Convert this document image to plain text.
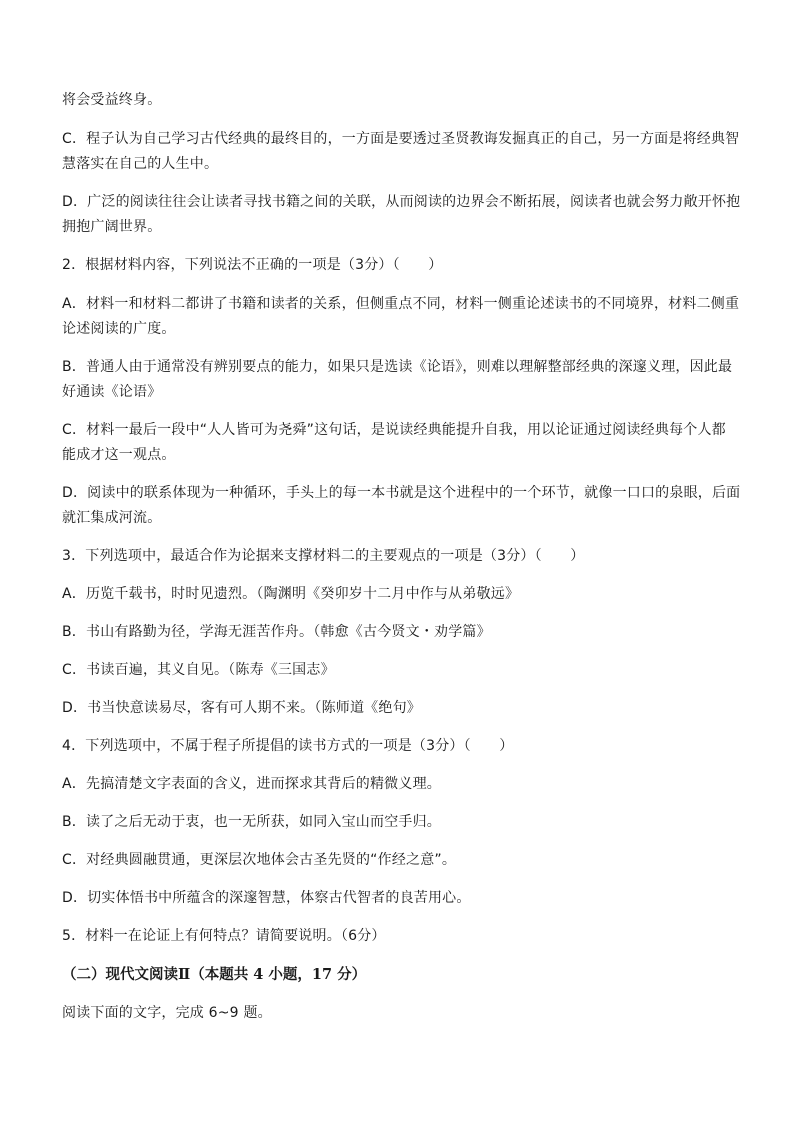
将会受益终身。
C．程子认为自己学习古代经典的最终目的，一方面是要透过圣贤教诲发掘真正的自己，另一方面是将经典智
慧落实在自己的人生中。
D．广泛的阅读往往会让读者寻找书籍之间的关联，从而阅读的边界会不断拓展，阅读者也就会努力敞开怀抱
拥抱广阔世界。
2．根据材料内容，下列说法不正确的一项是（3分）（　　）
A．材料一和材料二都讲了书籍和读者的关系，但侧重点不同，材料一侧重论述读书的不同境界，材料二侧重
论述阅读的广度。
B．普通人由于通常没有辨别要点的能力，如果只是选读《论语》，则难以理解整部经典的深邃义理，因此最
好通读《论语》
C．材料一最后一段中“人人皆可为尧舜”这句话，是说读经典能提升自我，用以论证通过阅读经典每个人都
能成才这一观点。
D．阅读中的联系体现为一种循环，手头上的每一本书就是这个进程中的一个环节，就像一口口的泉眼，后面
就汇集成河流。
3．下列选项中，最适合作为论据来支撑材料二的主要观点的一项是（3分）（　　）
A．历览千载书，时时见遗烈。（陶渊明《癸卯岁十二月中作与从弟敬远》
B．书山有路勤为径，学海无涯苦作舟。（韩愈《古今贤文・劝学篇》
C．书读百遍，其义自见。（陈寿《三国志》
D．书当快意读易尽，客有可人期不来。（陈师道《绝句》
4．下列选项中，不属于程子所提倡的读书方式的一项是（3分）（　　）
A．先搞清楚文字表面的含义，进而探求其背后的精微义理。
B．读了之后无动于衷，也一无所获，如同入宝山而空手归。
C．对经典圆融贯通，更深层次地体会古圣先贤的“作经之意”。
D．切实体悟书中所蕴含的深邃智慧，体察古代智者的良苦用心。
5．材料一在论证上有何特点？请简要说明。（6分）
（二）现代文阅读Ⅱ（本题共 4 小题，17 分）
阅读下面的文字，完成 6~9 题。
